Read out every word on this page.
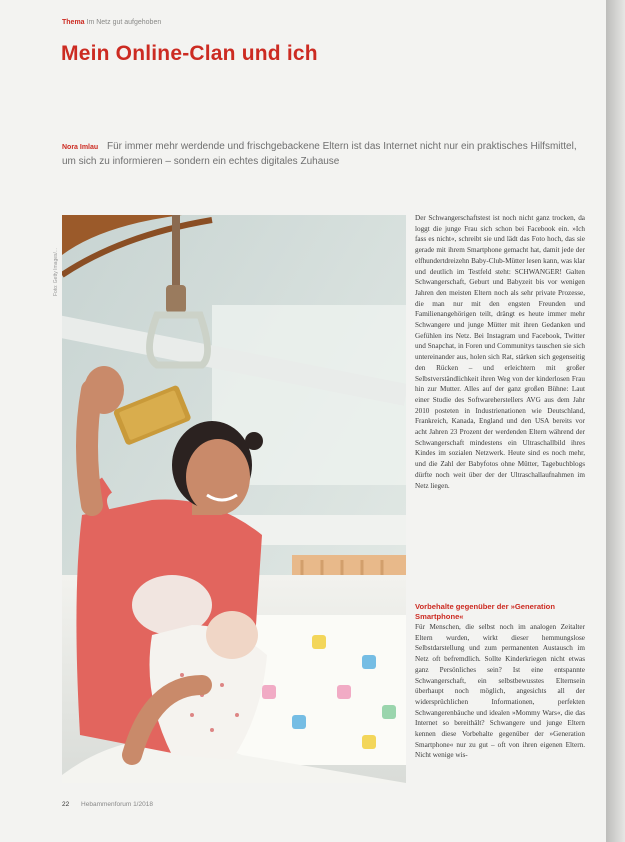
Thema Im Netz gut aufgehoben
Mein Online-Clan und ich
Nora Imlau Für immer mehr werdende und frischgebackene Eltern ist das Internet nicht nur ein praktisches Hilfsmittel, um sich zu informieren – sondern ein echtes digitales Zuhause
Foto: Getty Images/...

Der Schwangerschaftstest ist noch nicht ganz trocken, da loggt die junge Frau sich schon bei Facebook ein. »Ich fass es nicht«, schreibt sie und lädt das Foto hoch, das sie gerade mit ihrem Smartphone gemacht hat, damit jede der elfhundertdreizehn Baby-Club-Mütter lesen kann, was klar und deutlich im Testfeld steht: SCHWANGER! Galten Schwangerschaft, Geburt und Babyzeit bis vor wenigen Jahren den meisten Eltern noch als sehr private Prozesse, die man nur mit den engsten Freunden und Familienangehörigen teilt, drängt es heute immer mehr Schwangere und junge Mütter mit ihren Gedanken und Gefühlen ins Netz. Bei Instagram und Facebook, Twitter und Snapchat, in Foren und Communitys tauschen sie sich untereinander aus, holen sich Rat, stärken sich gegenseitig den Rücken – und erleichtern mit großer Selbstverständlichkeit ihren Weg von der kinderlosen Frau hin zur Mutter. Alles auf der ganz großen Bühne: Laut einer Studie des Softwareherstellers AVG aus dem Jahr 2010 posteten in Industrienationen wie Deutschland, Frankreich, Kanada, England und den USA bereits vor acht Jahren 23 Prozent der werdenden Eltern während der Schwangerschaft mindestens ein Ultraschallbild ihres Kindes im sozialen Netzwerk. Heute sind es noch mehr, und die Zahl der Babyfotos ohne Mütter, Tagebuchblogs dürfte noch weit über der der Ultraschallaufnahmen im Netz liegen.

Vorbehalte gegenüber der »Generation Smartphone«

Für Menschen, die selbst noch im analogen Zeitalter Eltern wurden, wirkt dieser hemmungslose Selbstdarstellung und zum permanenten Austausch im Netz oft befremdlich. Sollte Kinderkriegen nicht etwas ganz Persönliches sein? Ist eine entspannte Schwangerschaft, ein selbstbewusstes Elternsein überhaupt noch möglich, angesichts all der widersprüchlichen Informationen, perfekten Schwangerenbäuche und idealen »Mommy Wars«, die das Internet so bereithält? Schwangere und junge Eltern kennen diese Vorbehalte gegenüber der »Generation Smartphone« nur zu gut – oft von ihren eigenen Eltern. Nicht wenige wis-

22 Hebammenforum 1/2018
